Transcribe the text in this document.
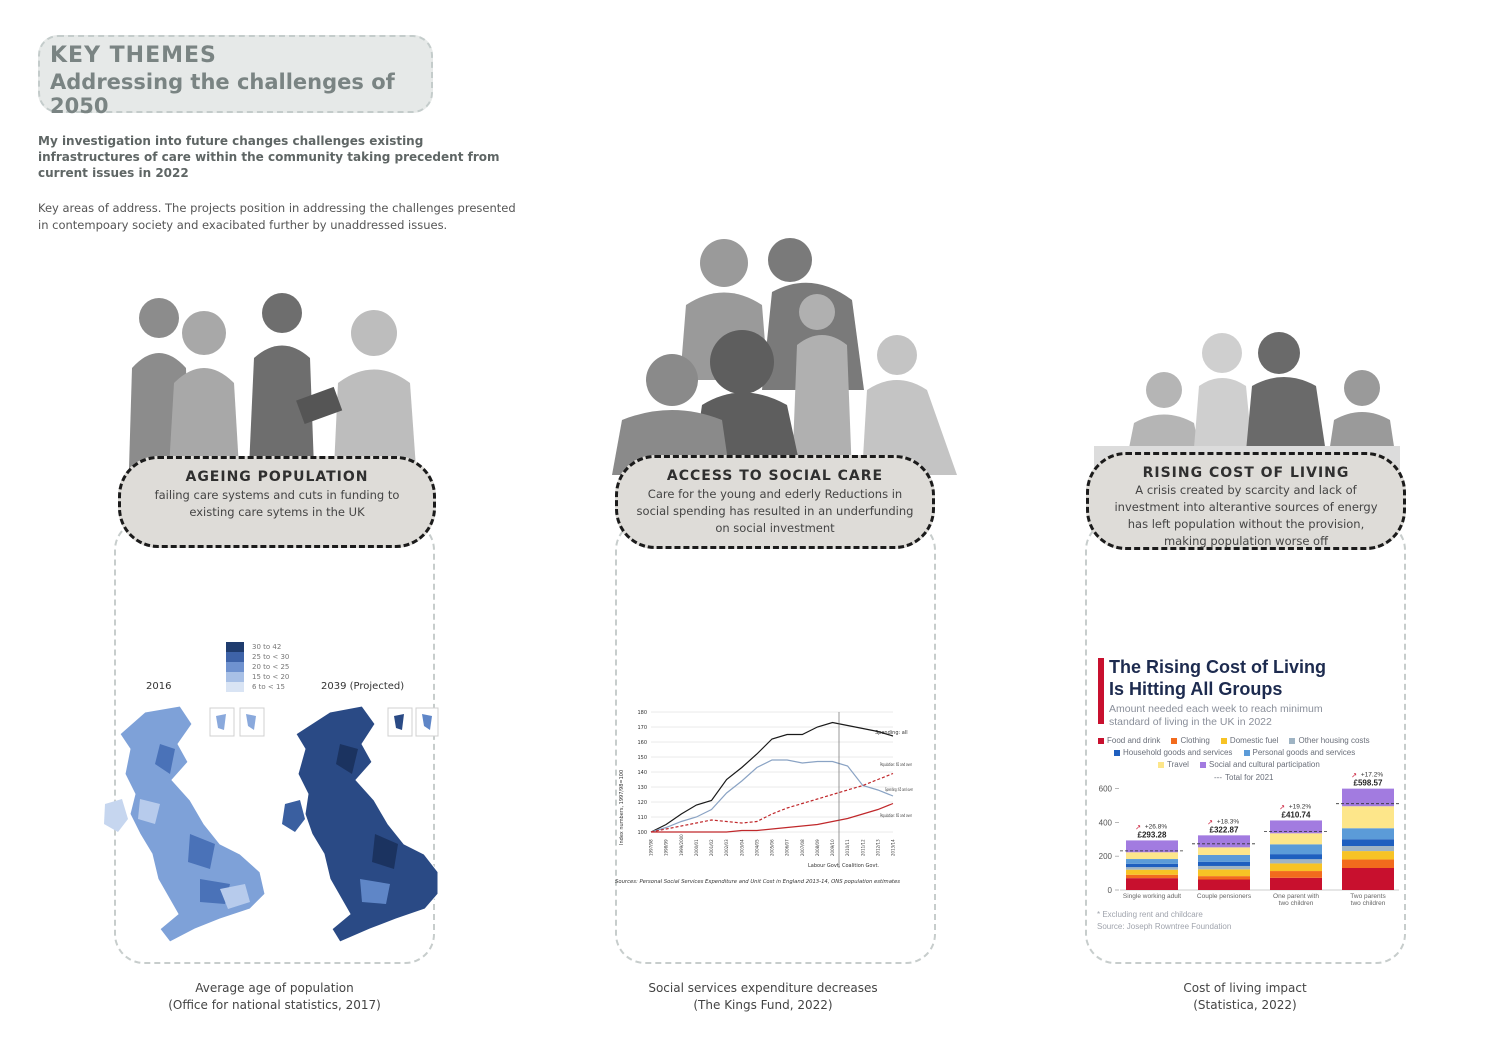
KEY THEMES
Addressing the challenges of 2050
My investigation into future changes challenges existing infrastructures of care within the community taking precedent from current issues in 2022
Key areas of address. The projects position in addressing the challenges presented in contempoary society and exacibated further by unaddressed issues.
AGEING POPULATION
failing care systems and cuts in funding to existing care sytems in the UK
30 to 42
25 to < 30
20 to < 25
15 to < 20
6 to < 15
2016	2039 (Projected)
Average age of population
(Office for national statistics, 2017)
ACCESS TO SOCIAL CARE
Care for the young and ederly Reductions in social spending has resulted in an underfunding on social investment
Index numbers, 1997/98=100 100
110
120
130
140
150
160
170
180
1997/98	1998/99	1999/2000	2000/01	2001/02	2002/03	2003/04	2004/05	2005/06	2006/07	2007/08	2008/09	2009/10	2010/11	2011/12	2012/13	2013/14
Labour Govt. Coalition Govt.
Spending: all
Population: 65 and over
Spending: 65 and over
Population: 65 and over
Sources: Personal Social Services Expenditure and Unit Cost in England 2013-14, ONS population estimates
Social services expenditure decreases
(The Kings Fund, 2022)
RISING COST OF LIVING
A crisis created by scarcity and lack of investment into alterantive sources of energy has left population without the provision, making population worse off
The Rising Cost of Living
Is Hitting All Groups
Amount needed each week to reach minimum
standard of living in the UK in 2022
Food and drink
	Clothing
	Domestic fuel
	Other housing costs
Household goods and services
	Personal goods and services
Travel
	Social and cultural participation
--- Total for 2021
0
200
400
600
£293.28
+26.8%
↗
Single working adult
£322.87
+18.3%
↗
Couple pensioners
£410.74
+19.2%
↗
One parent with
two children
£598.57
+17.2%
↗
Two parents
two children
* Excluding rent and childcare
Source: Joseph Rowntree Foundation
Cost of living impact
(Statistica, 2022)
